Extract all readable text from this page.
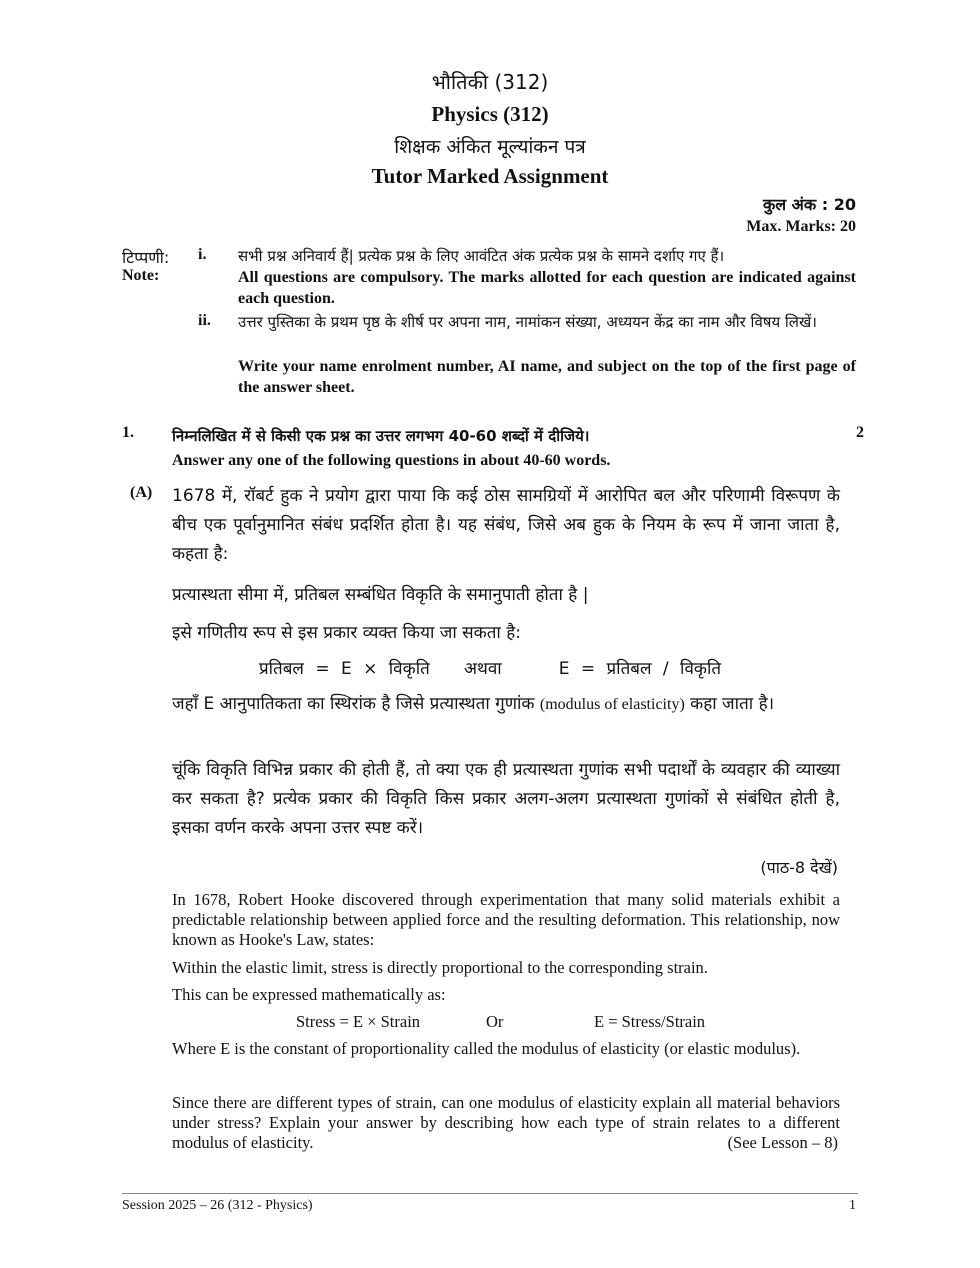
भौतिकी (312)
Physics (312)
शिक्षक अंकित मूल्यांकन पत्र
Tutor Marked Assignment
कुल अंक : 20
Max. Marks: 20
टिप्पणी:
Note:
i. सभी प्रश्न अनिवार्य हैं| प्रत्येक प्रश्न के लिए आवंटित अंक प्रत्येक प्रश्न के सामने दर्शाए गए हैं।
All questions are compulsory. The marks allotted for each question are indicated against each question.
ii. उत्तर पुस्तिका के प्रथम पृष्ठ के शीर्ष पर अपना नाम, नामांकन संख्या, अध्ययन केंद्र का नाम और विषय लिखें।
Write your name enrolment number, AI name, and subject on the top of the first page of the answer sheet.
1.	निम्नलिखित में से किसी एक प्रश्न का उत्तर लगभग 40-60 शब्दों में दीजिये।	2
Answer any one of the following questions in about 40-60 words.
(A) 1678 में, रॉबर्ट हुक ने प्रयोग द्वारा पाया कि कई ठोस सामग्रियों में आरोपित बल और परिणामी विरूपण के बीच एक पूर्वानुमानित संबंध प्रदर्शित होता है। यह संबंध, जिसे अब हुक के नियम के रूप में जाना जाता है, कहता है:
प्रत्यास्थता सीमा में, प्रतिबल सम्बंधित विकृति के समानुपाती होता है |
इसे गणितीय रूप से इस प्रकार व्यक्त किया जा सकता है:
प्रतिबल = E × विकृति   अथवा     E = प्रतिबल / विकृति
जहाँ E आनुपातिकता का स्थिरांक है जिसे प्रत्यास्थता गुणांक (modulus of elasticity) कहा जाता है।
चूंकि विकृति विभिन्न प्रकार की होती हैं, तो क्या एक ही प्रत्यास्थता गुणांक सभी पदार्थों के व्यवहार की व्याख्या कर सकता है? प्रत्येक प्रकार की विकृति किस प्रकार अलग-अलग प्रत्यास्थता गुणांकों से संबंधित होती है, इसका वर्णन करके अपना उत्तर स्पष्ट करें।
(पाठ-8 देखें)
In 1678, Robert Hooke discovered through experimentation that many solid materials exhibit a predictable relationship between applied force and the resulting deformation. This relationship, now known as Hooke's Law, states:
Within the elastic limit, stress is directly proportional to the corresponding strain.
This can be expressed mathematically as:
Stress = E × Strain	Or	E = Stress/Strain
Where E is the constant of proportionality called the modulus of elasticity (or elastic modulus).
Since there are different types of strain, can one modulus of elasticity explain all material behaviors under stress? Explain your answer by describing how each type of strain relates to a different modulus of elasticity.	(See Lesson – 8)
Session 2025 – 26 (312 - Physics)	1
